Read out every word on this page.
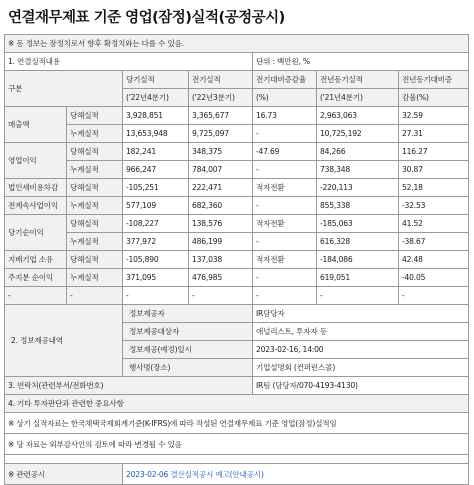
연결재무제표 기준 영업(잠정)실적(공정공시)
※ 동 정보는 잠정치로서 향후 확정치와는 다를 수 있음.						
1. 연결실적내용				단위 : 백만원, %		
구분		당기실적	전기실적	전기대비증감율	전년동기실적	전년동기대비증
		('22년4분기)	('22년3분기)	(%)	('21년4분기)	감율(%)
매출액	당해실적	3,928,851	3,365,677	16.73	2,963,063	32.59
	누계실적	13,653,948	9,725,097	-	10,725,192	27.31
영업이익	당해실적	182,241	348,375	-47.69	84,266	116.27
	누계실적	966,247	784,007	-	738,348	30.87
법인세비용차감	당해실적	-105,251	222,471	적자전환	-220,113	52.18
전계속사업이익	누계실적	577,109	682,360	-	855,338	-32.53
당기순이익	당해실적	-108,227	138,576	적자전환	-185,063	41.52
	누계실적	377,972	486,199	-	616,328	-38.67
지배기업 소유	당해실적	-105,890	137,038	적자전환	-184,086	42.48
주지분 순이익	누계실적	371,095	476,985	-	619,051	-40.05
-	-	-	-	-	-	-
2. 정보제공내역		정보제공자		IR담당자		
		정보제공대상자		애널리스트, 투자자 등		
		정보제공(예정)일시		2023-02-16, 14:00		
		행사명(장소)		기업설명회 (컨퍼런스콜)		
3. 연락처(관련부서/전화번호)				IR팀 (담당자/070-4193-4130)		
4. 기타 투자판단과 관련한 중요사항						
※ 상기 실적자료는 한국채택국제회계기준(K-IFRS)에 따라 작성된 연결재무제표 기준 영업(잠정)실적임						
※ 당 자료는 외부감사인의 검토에 따라 변경될 수 있음						

※ 관련공시		2023-02-06 결산실적공시 예고(안내공시)				
